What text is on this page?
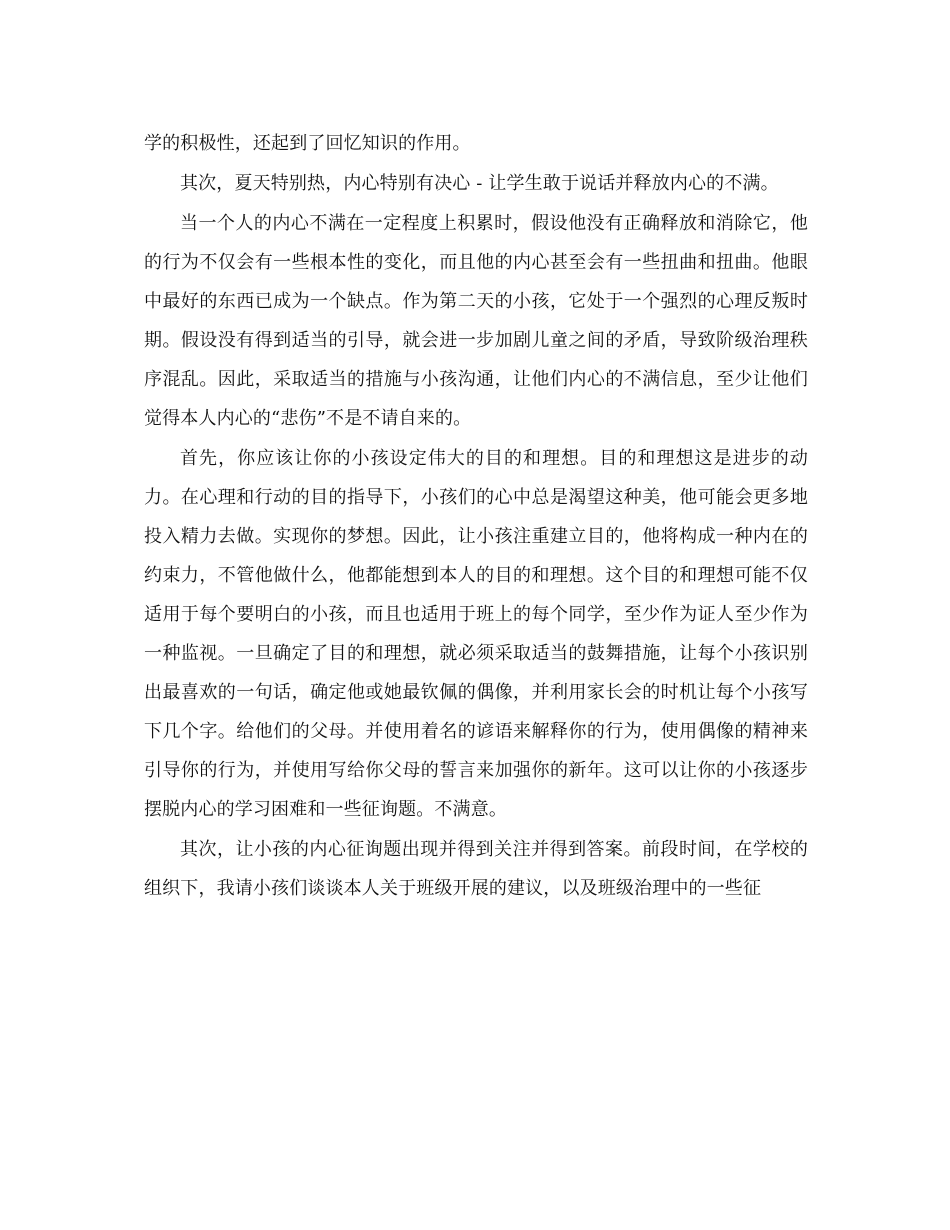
学的积极性，还起到了回忆知识的作用。

其次，夏天特别热，内心特别有决心 - 让学生敢于说话并释放内心的不满。

当一个人的内心不满在一定程度上积累时，假设他没有正确释放和消除它，他的行为不仅会有一些根本性的变化，而且他的内心甚至会有一些扭曲和扭曲。他眼中最好的东西已成为一个缺点。作为第二天的小孩，它处于一个强烈的心理反叛时期。假设没有得到适当的引导，就会进一步加剧儿童之间的矛盾，导致阶级治理秩序混乱。因此，采取适当的措施与小孩沟通，让他们内心的不满信息，至少让他们觉得本人内心的“悲伤”不是不请自来的。

首先，你应该让你的小孩设定伟大的目的和理想。目的和理想这是进步的动力。在心理和行动的目的指导下，小孩们的心中总是渴望这种美，他可能会更多地投入精力去做。实现你的梦想。因此，让小孩注重建立目的，他将构成一种内在的约束力，不管他做什么，他都能想到本人的目的和理想。这个目的和理想可能不仅适用于每个要明白的小孩，而且也适用于班上的每个同学，至少作为证人至少作为一种监视。一旦确定了目的和理想，就必须采取适当的鼓舞措施，让每个小孩识别出最喜欢的一句话，确定他或她最钦佩的偶像，并利用家长会的时机让每个小孩写下几个字。给他们的父母。并使用着名的谚语来解释你的行为，使用偶像的精神来引导你的行为，并使用写给你父母的誓言来加强你的新年。这可以让你的小孩逐步摆脱内心的学习困难和一些征询题。不满意。

其次，让小孩的内心征询题出现并得到关注并得到答案。前段时间，在学校的组织下，我请小孩们谈谈本人关于班级开展的建议，以及班级治理中的一些征
